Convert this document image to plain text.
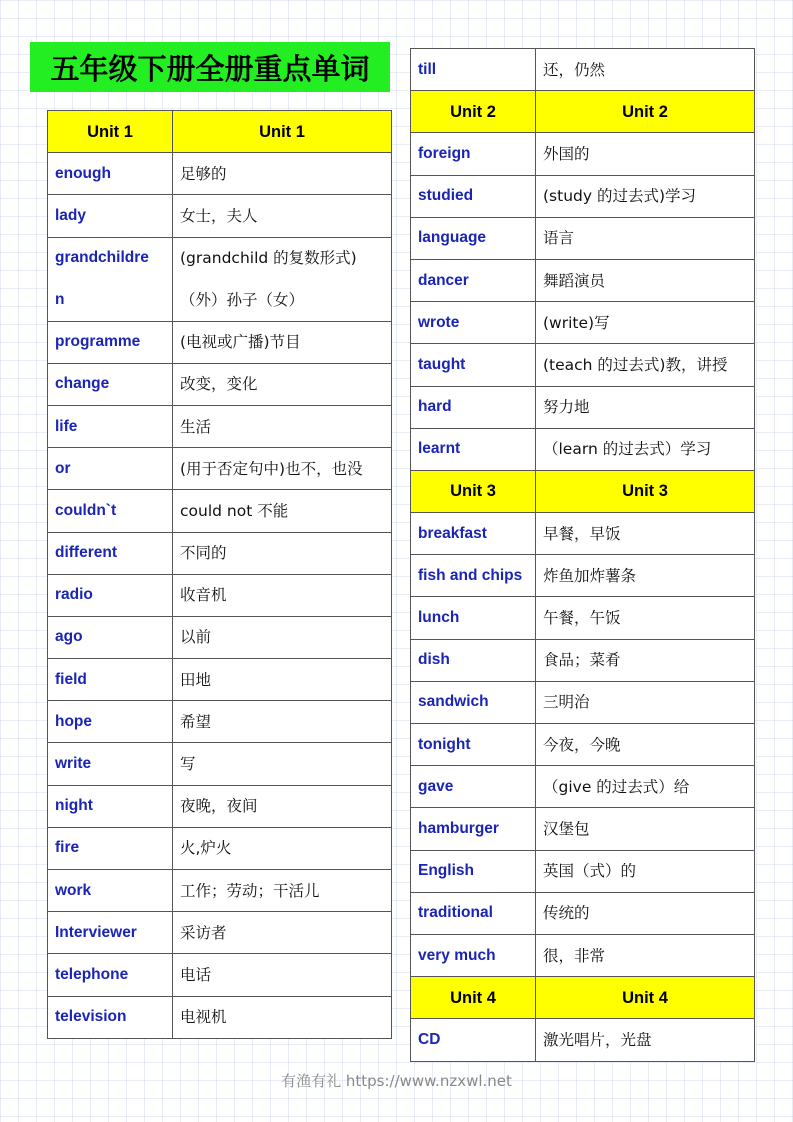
五年级下册全册重点单词
Unit 1	Unit 1
enough	足够的
lady	女士，夫人

grandchildre
n	(grandchild 的复数形式)
（外）孙子（女）

programme	(电视或广播)节目
change	改变，变化
life	生活
or	(用于否定句中)也不，也没
couldn`t	could not 不能
different	不同的
radio	收音机
ago	以前
field	田地
hope	希望
write	写
night	夜晚，夜间
fire	火,炉火
work	工作；劳动；干活儿
Interviewer	采访者
telephone	电话
television	电视机
till	还，仍然
Unit 2	Unit 2
foreign	外国的
studied	(study 的过去式)学习
language	语言
dancer	舞蹈演员
wrote	(write)写
taught	(teach 的过去式)教，讲授
hard	努力地
learnt	（learn 的过去式）学习
Unit 3	Unit 3
breakfast	早餐，早饭
fish and chips	炸鱼加炸薯条
lunch	午餐，午饭
dish	食品；菜肴
sandwich	三明治
tonight	今夜，今晚
gave	（give 的过去式）给
hamburger	汉堡包
English	英国（式）的
traditional	传统的
very much	很，非常
Unit 4	Unit 4
CD	激光唱片，光盘
有渔有礼 https://www.nzxwl.net
